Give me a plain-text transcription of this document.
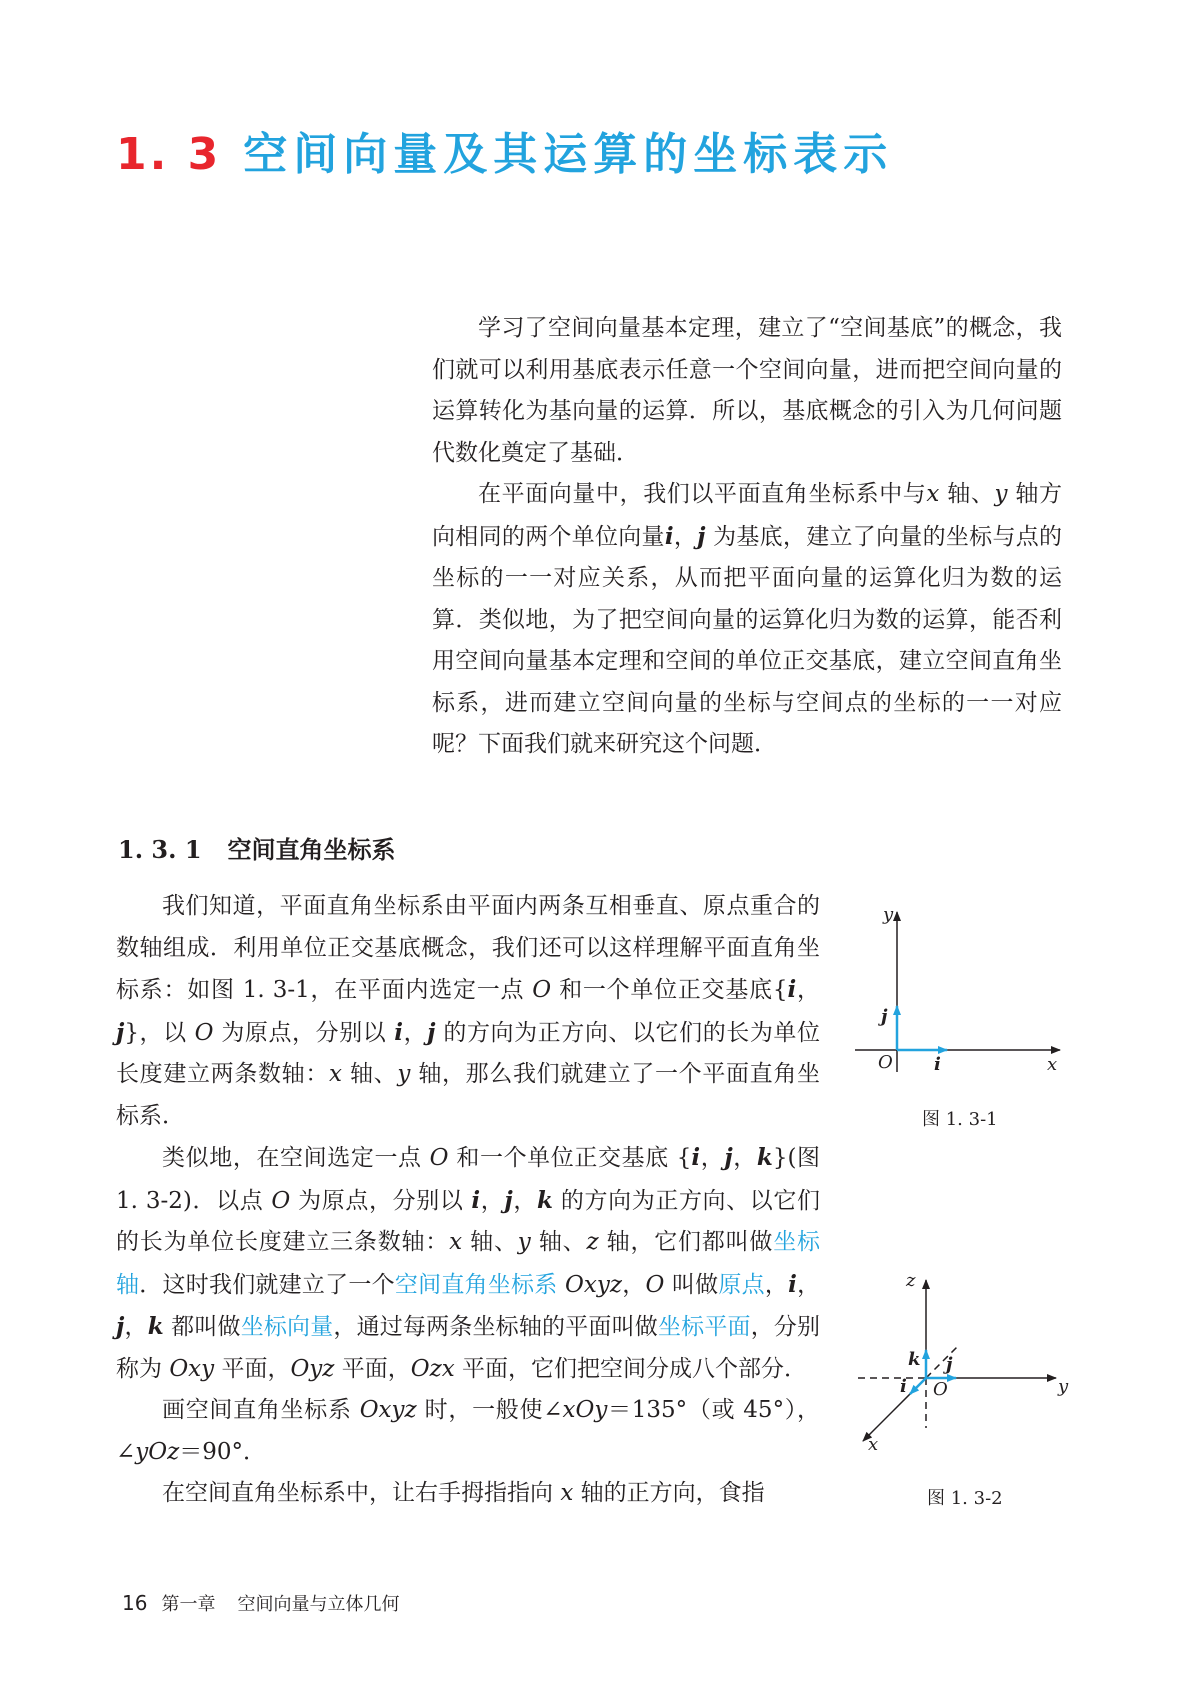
1. 3 空间向量及其运算的坐标表示

学习了空间向量基本定理，建立了“空间基底”的概念，我们就可以利用基底表示任意一个空间向量，进而把空间向量的运算转化为基向量的运算．所以，基底概念的引入为几何问题代数化奠定了基础．

在平面向量中，我们以平面直角坐标系中与x 轴、y 轴方向相同的两个单位向量i，j 为基底，建立了向量的坐标与点的坐标的一一对应关系，从而把平面向量的运算化归为数的运算．类似地，为了把空间向量的运算化归为数的运算，能否利用空间向量基本定理和空间的单位正交基底，建立空间直角坐标系，进而建立空间向量的坐标与空间点的坐标的一一对应呢？下面我们就来研究这个问题．

1. 3. 1 空间直角坐标系

我们知道，平面直角坐标系由平面内两条互相垂直、原点重合的数轴组成．利用单位正交基底概念，我们还可以这样理解平面直角坐标系：如图 1. 3-1，在平面内选定一点 O 和一个单位正交基底{i，j}，以 O 为原点，分别以 i，j 的方向为正方向、以它们的长为单位长度建立两条数轴：x 轴、y 轴，那么我们就建立了一个平面直角坐标系．

类似地，在空间选定一点 O 和一个单位正交基底 {i，j，k}(图 1. 3-2)．以点 O 为原点，分别以 i，j，k 的方向为正方向、以它们的长为单位长度建立三条数轴：x 轴、y 轴、z 轴，它们都叫做坐标轴．这时我们就建立了一个空间直角坐标系 Oxyz，O 叫做原点，i，j，k 都叫做坐标向量，通过每两条坐标轴的平面叫做坐标平面，分别称为 Oxy 平面，Oyz 平面，Ozx 平面，它们把空间分成八个部分．

画空间直角坐标系 Oxyz 时，一般使∠xOy＝135°（或 45°），∠yOz＝90°．

在空间直角坐标系中，让右手拇指指向 x 轴的正方向，食指

y
x
O i
j
图 1. 3-1
z
y
x
O
k j
i
图 1. 3-2
16 第一章 空间向量与立体几何
